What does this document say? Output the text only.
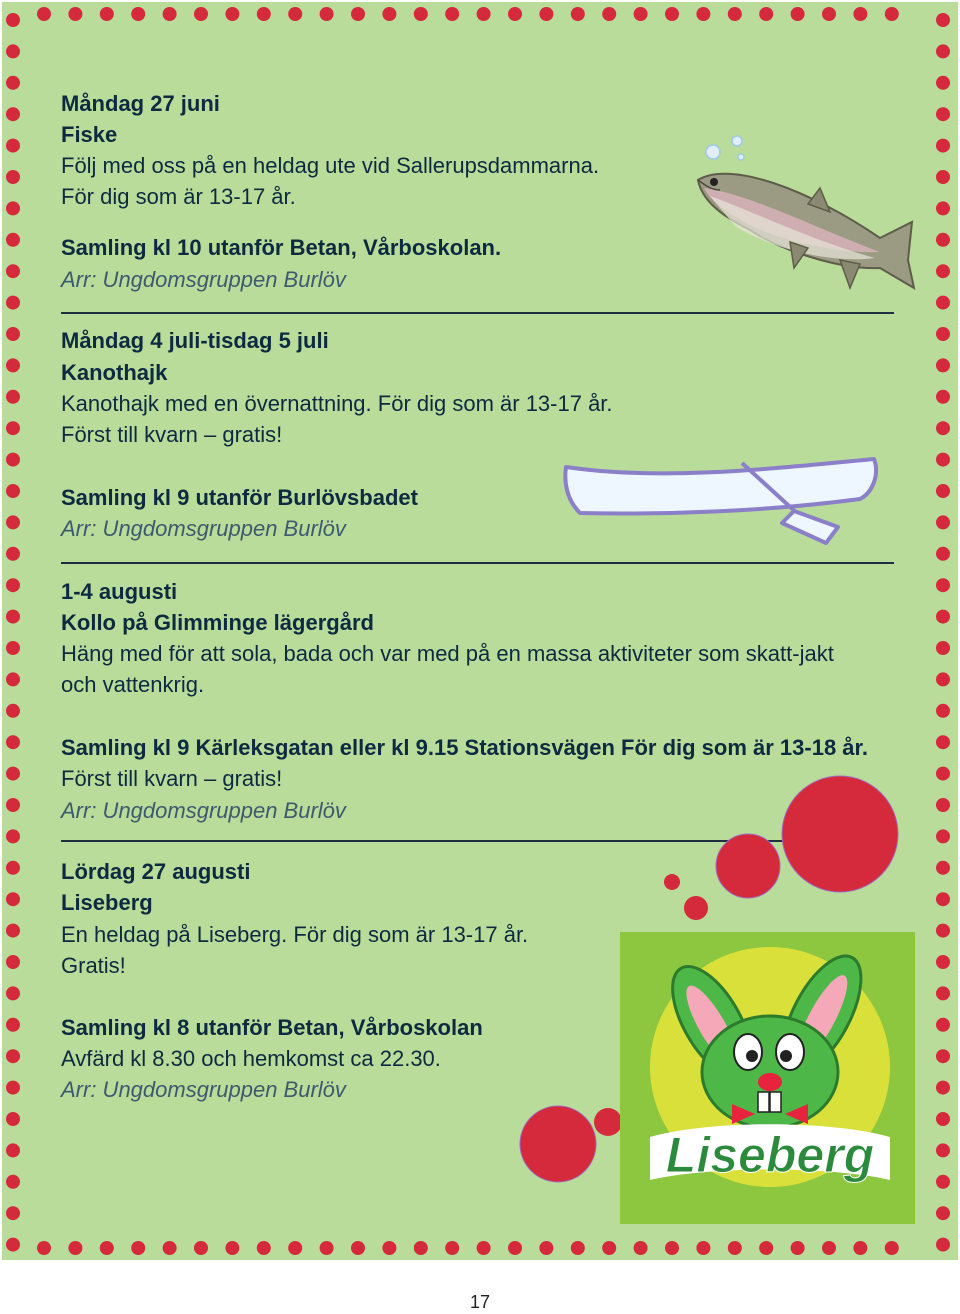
Måndag 27 juni

Fiske

Följ med oss på en heldag ute vid Sallerupsdammarna.

För dig som är 13-17 år.

Samling kl 10 utanför Betan, Vårboskolan.

Arr: Ungdomsgruppen Burlöv

Måndag 4 juli-tisdag 5 juli

Kanothajk

Kanothajk med en övernattning. För dig som är 13-17 år.

Först till kvarn – gratis!

Samling kl 9 utanför Burlövsbadet

Arr: Ungdomsgruppen Burlöv

1-4 augusti

Kollo på Glimminge lägergård

Häng med för att sola, bada och var med på en massa aktiviteter som skatt-jakt

och vattenkrig.

Samling kl 9 Kärleksgatan eller kl 9.15 Stationsvägen För dig som är 13-18 år.

Först till kvarn – gratis!

Arr: Ungdomsgruppen Burlöv

Lördag 27 augusti

Liseberg

En heldag på Liseberg. För dig som är 13-17 år.

Gratis!

Samling kl 8 utanför Betan, Vårboskolan

Avfärd kl 8.30 och hemkomst ca 22.30.

Arr: Ungdomsgruppen Burlöv

Liseberg
17
